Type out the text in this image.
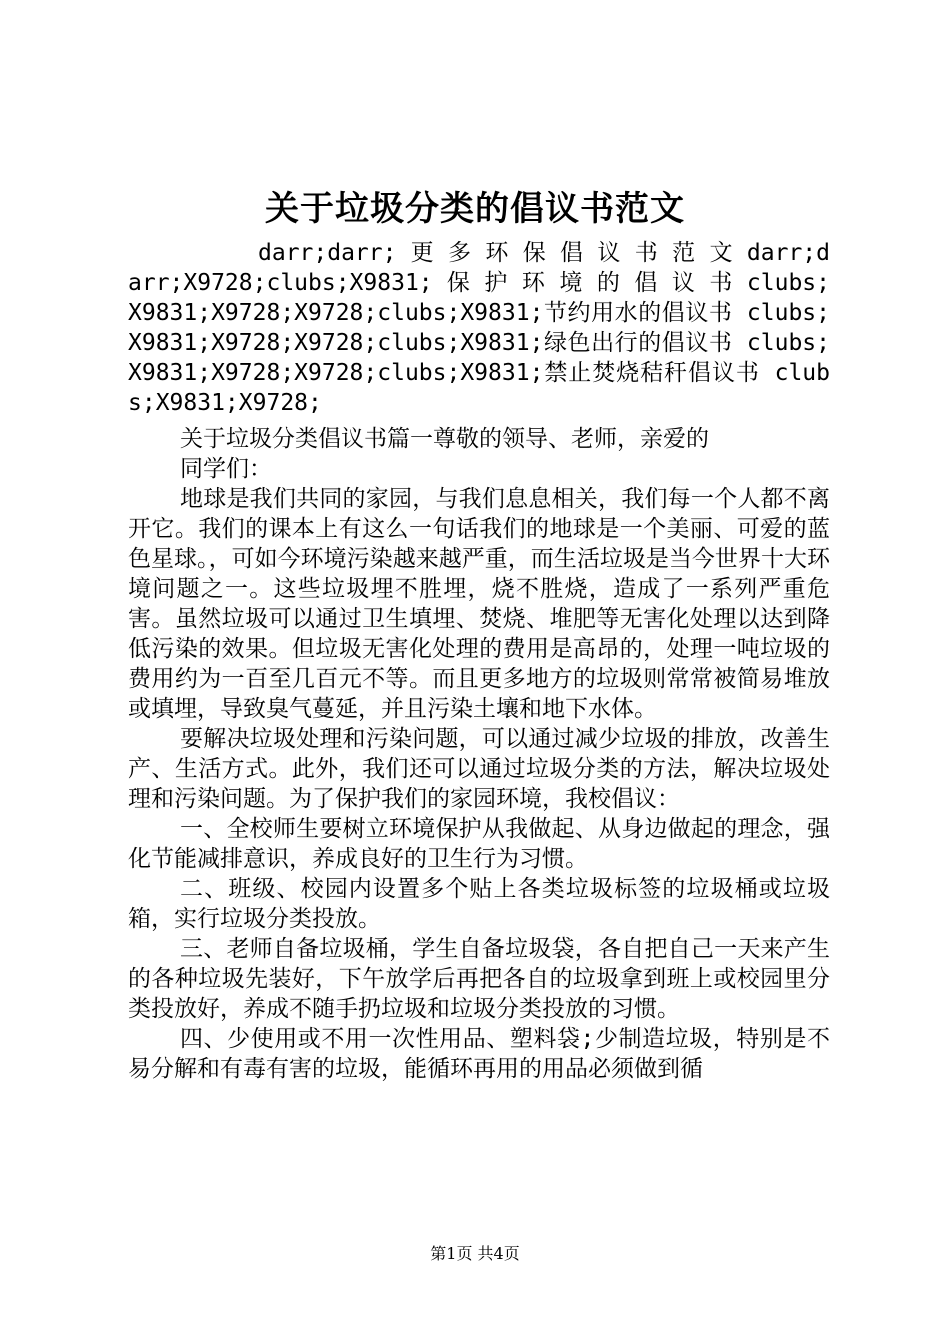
关于垃圾分类的倡议书范文

darr;darr; 更 多 环 保 倡 议 书 范 文 darr;darr;X9728;clubs;X9831; 保 护 环 境 的 倡 议 书 clubs;X9831;X9728;X9728;clubs;X9831;节约用水的倡议书 clubs;X9831;X9728;X9728;clubs;X9831;绿色出行的倡议书 clubs;X9831;X9728;X9728;clubs;X9831;禁止焚烧秸秆倡议书 clubs;X9831;X9728;

关于垃圾分类倡议书篇一尊敬的领导、老师，亲爱的

同学们：

地球是我们共同的家园，与我们息息相关，我们每一个人都不离开它。我们的课本上有这么一句话我们的地球是一个美丽、可爱的蓝色星球。，可如今环境污染越来越严重，而生活垃圾是当今世界十大环境问题之一。这些垃圾埋不胜埋，烧不胜烧，造成了一系列严重危害。虽然垃圾可以通过卫生填埋、焚烧、堆肥等无害化处理以达到降低污染的效果。但垃圾无害化处理的费用是高昂的，处理一吨垃圾的费用约为一百至几百元不等。而且更多地方的垃圾则常常被简易堆放或填埋，导致臭气蔓延，并且污染土壤和地下水体。

要解决垃圾处理和污染问题，可以通过减少垃圾的排放，改善生产、生活方式。此外，我们还可以通过垃圾分类的方法，解决垃圾处理和污染问题。为了保护我们的家园环境，我校倡议：

一、全校师生要树立环境保护从我做起、从身边做起的理念，强化节能减排意识，养成良好的卫生行为习惯。

二、班级、校园内设置多个贴上各类垃圾标签的垃圾桶或垃圾箱，实行垃圾分类投放。

三、老师自备垃圾桶，学生自备垃圾袋，各自把自己一天来产生的各种垃圾先装好，下午放学后再把各自的垃圾拿到班上或校园里分类投放好，养成不随手扔垃圾和垃圾分类投放的习惯。

四、少使用或不用一次性用品、塑料袋;少制造垃圾，特别是不易分解和有毒有害的垃圾，能循环再用的用品必须做到循

第1页 共4页
